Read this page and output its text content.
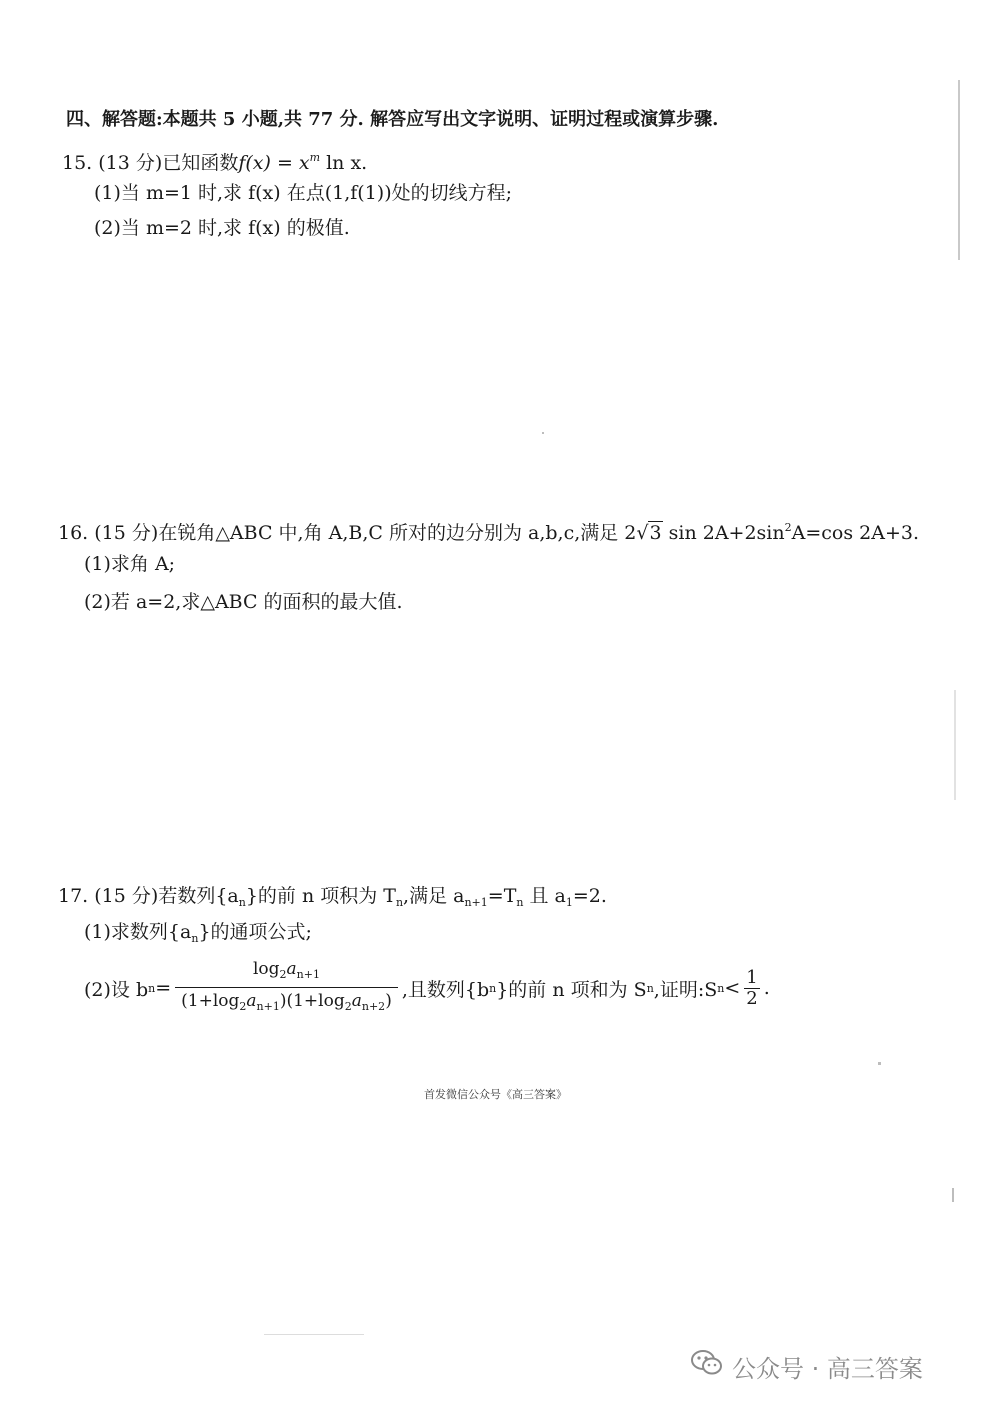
四、解答题:本题共 5 小题,共 77 分. 解答应写出文字说明、证明过程或演算步骤.
15. (13 分)已知函数$f(x) = x^m$ ln x.
(1)当 m=1 时,求 f(x) 在点(1,f(1))处的切线方程;
(2)当 m=2 时,求 f(x) 的极值.
16. (15 分)在锐角△ABC 中,角 A,B,C 所对的边分别为 a,b,c,满足 2√3 $\sin 2A+2\sin^2A=\cos$ 2A+3.
(1)求角 A;
(2)若 a=2,求△ABC 的面积的最大值.
17. (15 分)若数列$\{a_n\}$的前 n 项积为 $T_n$,满足 $a_{n+1}=T_n$ 且 $a_1=2$.
(1)求数列$\{a_n\}$的通项公式;
(2)设 b $n = \frac{\log_2a_{n+1}}{(1+\log_2a_{n+1})(1+\log_2a_{n+2})}$ ,且数列{b n }的前 n 项和为 S n ,证明:S $n < \frac{1}{2}$ .
首发微信公众号《高三答案》
公众号 · 高三答案
